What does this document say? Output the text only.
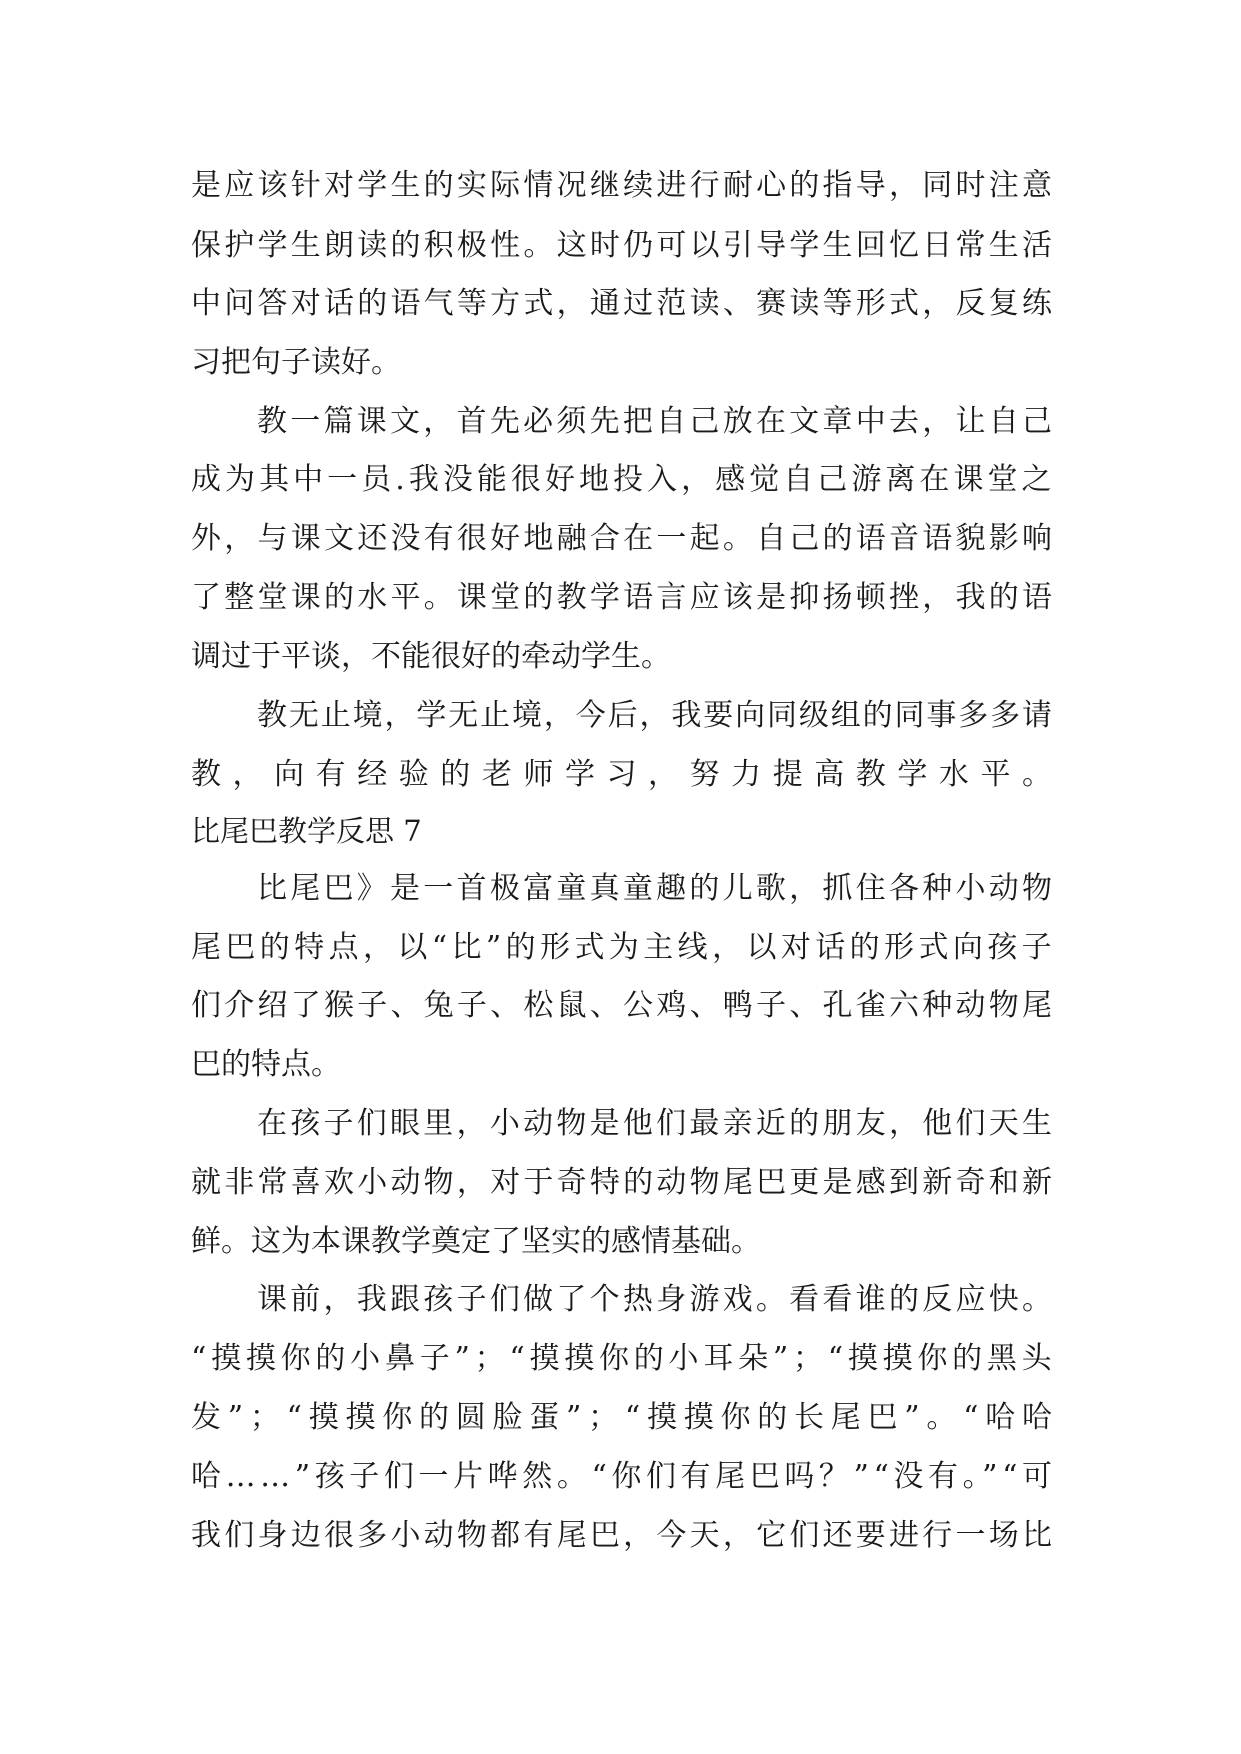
是应该针对学生的实际情况继续进行耐心的指导，同时注意
保护学生朗读的积极性。这时仍可以引导学生回忆日常生活
中问答对话的语气等方式，通过范读、赛读等形式，反复练
习把句子读好。
教一篇课文，首先必须先把自己放在文章中去，让自己
成为其中一员.我没能很好地投入，感觉自己游离在课堂之
外，与课文还没有很好地融合在一起。自己的语音语貌影响
了整堂课的水平。课堂的教学语言应该是抑扬顿挫，我的语
调过于平谈，不能很好的牵动学生。
教无止境，学无止境，今后，我要向同级组的同事多多请
教，向有经验的老师学习，努力提高教学水平。
比尾巴教学反思 7
比尾巴》是一首极富童真童趣的儿歌，抓住各种小动物
尾巴的特点，以“比”的形式为主线，以对话的形式向孩子
们介绍了猴子、兔子、松鼠、公鸡、鸭子、孔雀六种动物尾
巴的特点。
在孩子们眼里，小动物是他们最亲近的朋友，他们天生
就非常喜欢小动物，对于奇特的动物尾巴更是感到新奇和新
鲜。这为本课教学奠定了坚实的感情基础。
课前，我跟孩子们做了个热身游戏。看看谁的反应快。
“摸摸你的小鼻子”；“摸摸你的小耳朵”；“摸摸你的黑头
发”；“摸摸你的圆脸蛋”；“摸摸你的长尾巴”。“哈哈
哈……”孩子们一片哗然。“你们有尾巴吗？”“没有。”“可
我们身边很多小动物都有尾巴，今天，它们还要进行一场比
